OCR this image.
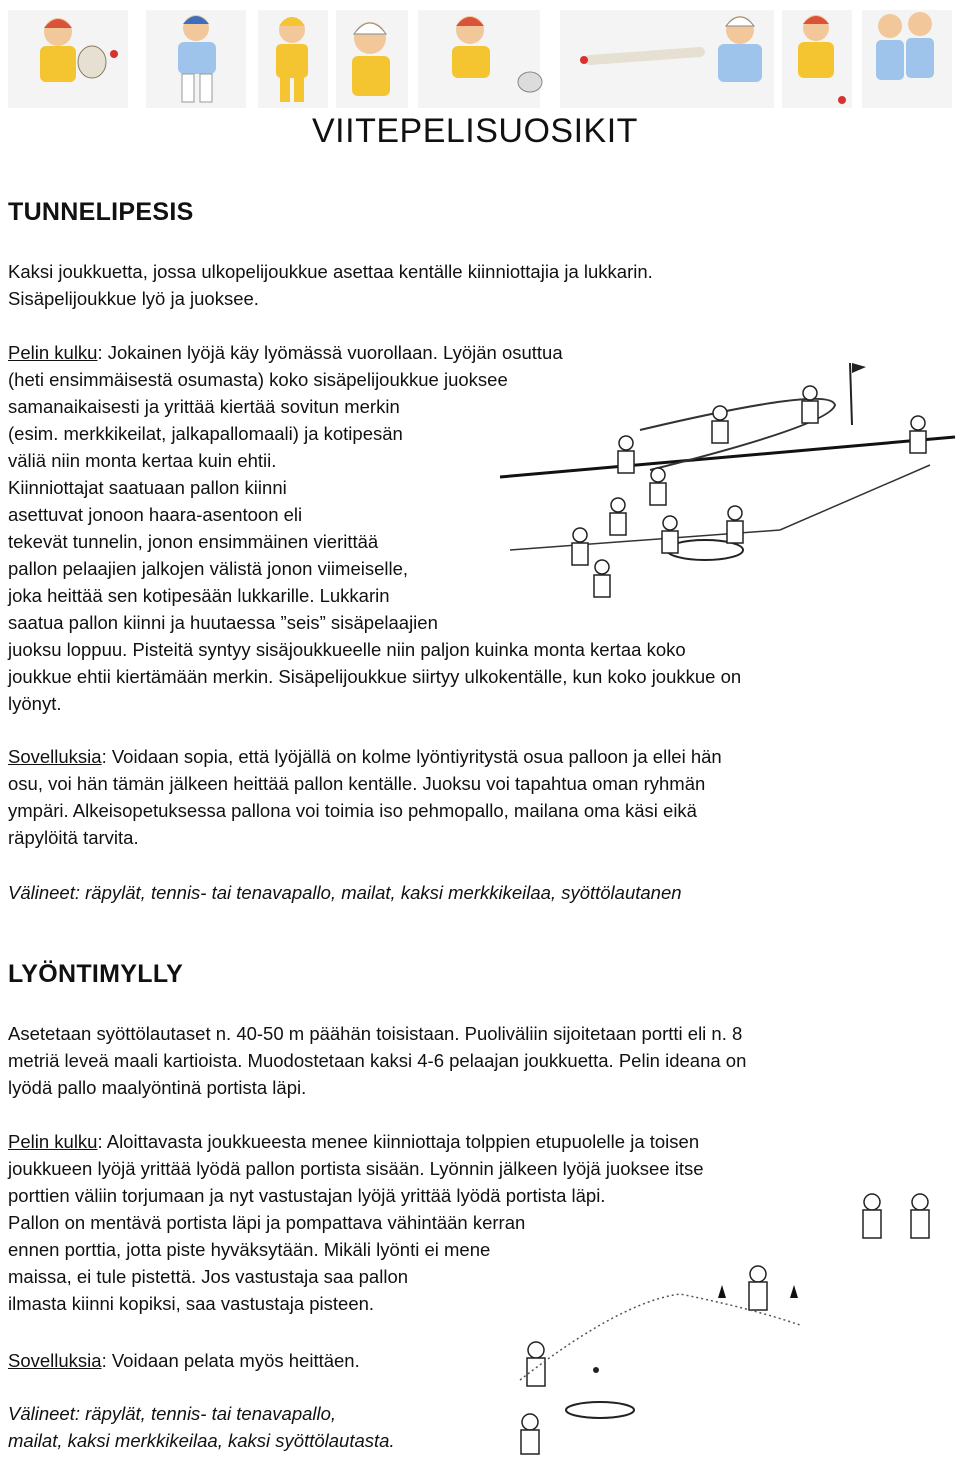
VIITEPELISUOSIKIT
TUNNELIPESIS

Kaksi joukkuetta, jossa ulkopelijoukkue asettaa kentälle kiinniottajia ja lukkarin.
Sisäpelijoukkue lyö ja juoksee.

Pelin kulku: Jokainen lyöjä käy lyömässä vuorollaan. Lyöjän osuttua
(heti ensimmäisestä osumasta) koko sisäpelijoukkue juoksee
samanaikaisesti ja yrittää kiertää sovitun merkin
(esim. merkkikeilat, jalkapallomaali) ja kotipesän
väliä niin monta kertaa kuin ehtii.
Kiinniottajat saatuaan pallon kiinni
asettuvat jonoon haara-asentoon eli
tekevät tunnelin, jonon ensimmäinen vierittää
pallon pelaajien jalkojen välistä jonon viimeiselle,
joka heittää sen kotipesään lukkarille. Lukkarin
saatua pallon kiinni ja huutaessa ”seis” sisäpelaajien
juoksu loppuu. Pisteitä syntyy sisäjoukkueelle niin paljon kuinka monta kertaa koko
joukkue ehtii kiertämään merkin. Sisäpelijoukkue siirtyy ulkokentälle, kun koko joukkue on
lyönyt.

Sovelluksia: Voidaan sopia, että lyöjällä on kolme lyöntiyritystä osua palloon ja ellei hän
osu, voi hän tämän jälkeen heittää pallon kentälle. Juoksu voi tapahtua oman ryhmän
ympäri. Alkeisopetuksessa pallona voi toimia iso pehmopallo, mailana oma käsi eikä
räpylöitä tarvita.

Välineet: räpylät, tennis- tai tenavapallo, mailat, kaksi merkkikeilaa, syöttölautanen

LYÖNTIMYLLY

Asetetaan syöttölautaset n. 40-50 m päähän toisistaan. Puoliväliin sijoitetaan portti eli n. 8
metriä leveä maali kartioista. Muodostetaan kaksi 4-6 pelaajan joukkuetta. Pelin ideana on
lyödä pallo maalyöntinä portista läpi.

Pelin kulku: Aloittavasta joukkueesta menee kiinniottaja tolppien etupuolelle ja toisen
joukkueen lyöjä yrittää lyödä pallon portista sisään. Lyönnin jälkeen lyöjä juoksee itse
porttien väliin torjumaan ja nyt vastustajan lyöjä yrittää lyödä portista läpi.
Pallon on mentävä portista läpi ja pompattava vähintään kerran
ennen porttia, jotta piste hyväksytään. Mikäli lyönti ei mene
maissa, ei tule pistettä. Jos vastustaja saa pallon
ilmasta kiinni kopiksi, saa vastustaja pisteen.

Sovelluksia: Voidaan pelata myös heittäen.

Välineet: räpylät, tennis- tai tenavapallo,
mailat, kaksi merkkikeilaa, kaksi syöttölautasta.
